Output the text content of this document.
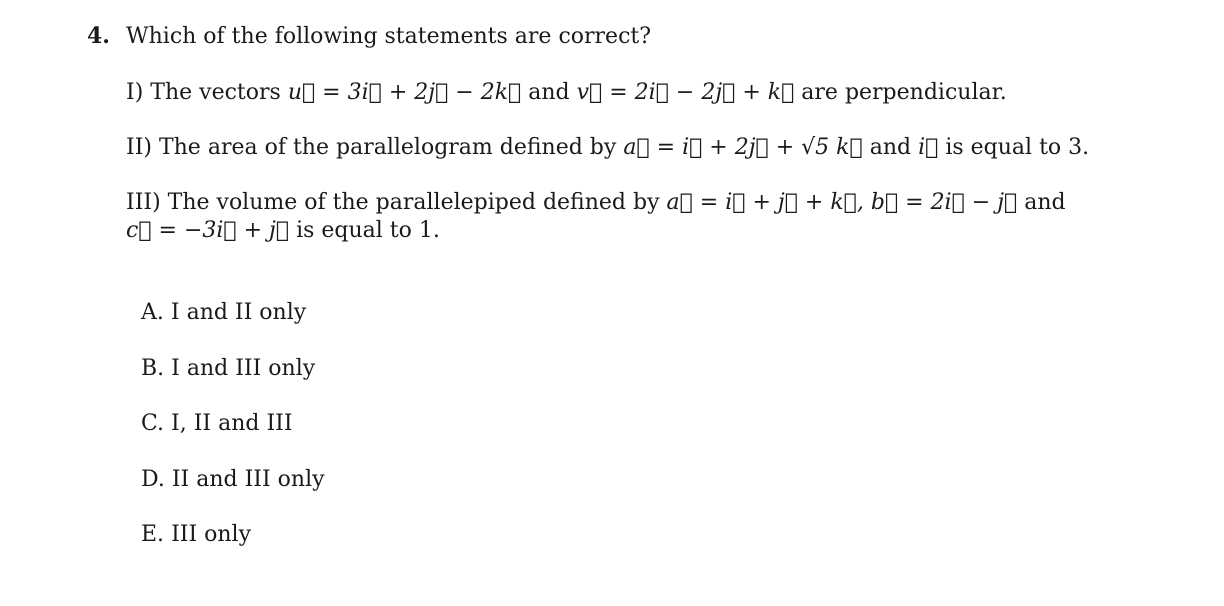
4. Which of the following statements are correct?
I) The vectors u⃗ = 3i⃗ + 2j⃗ − 2k⃗ and v⃗ = 2i⃗ − 2j⃗ + k⃗ are perpendicular.
II) The area of the parallelogram defined by a⃗ = i⃗ + 2j⃗ + √5 k⃗ and i⃗ is equal to 3.
III) The volume of the parallelepiped defined by a⃗ = i⃗ + j⃗ + k⃗, b⃗ = 2i⃗ − j⃗ and c⃗ = −3i⃗ + j⃗ is equal to 1.
A. I and II only
B. I and III only
C. I, II and III
D. II and III only
E. III only
